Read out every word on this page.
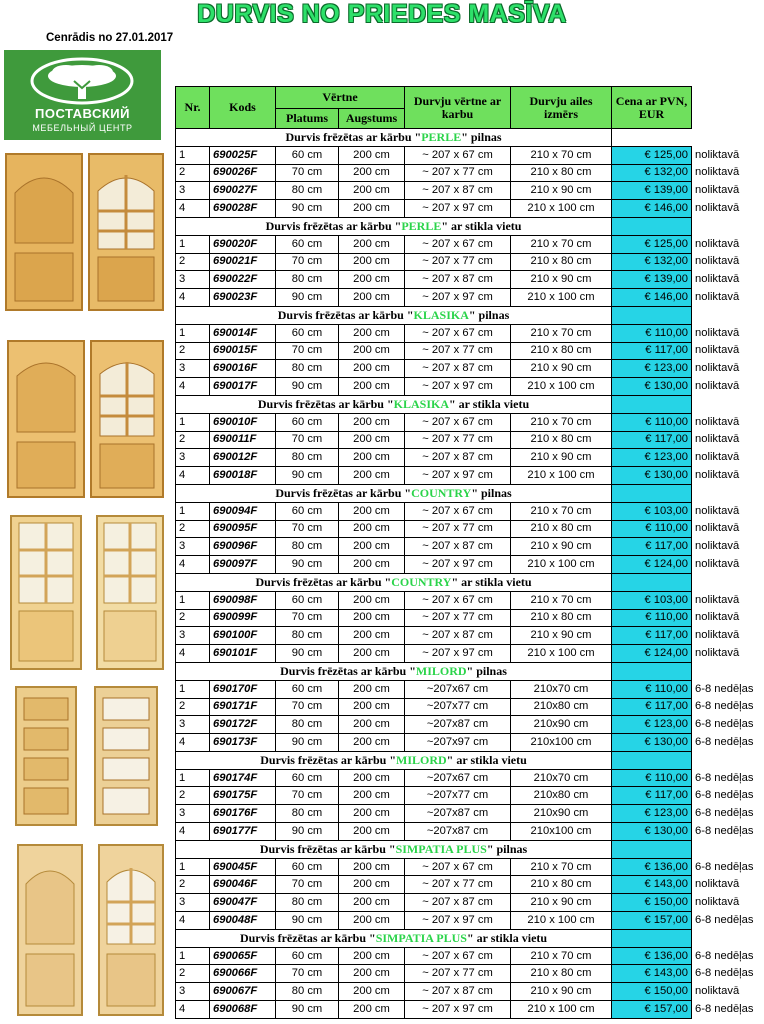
DURVIS NO PRIEDES MASĪVA
Cenrādis no 27.01.2017
ПОСТАВСКИЙ
МЕБЕЛЬНЫЙ ЦЕНТР
Nr.	Kods	Vērtne		Durvju vērtne ar karbu	Durvju ailes izmērs	Cena ar PVN, EUR	
		Platums	Augstums				
Durvis frēzētas ar kārbu "PERLE" pilnas							
1	690025F	60 cm	200 cm	~ 207 x 67 cm	210 x 70 cm	€ 125,00	noliktavā
2	690026F	70 cm	200 cm	~ 207 x 77 cm	210 x 80 cm	€ 132,00	noliktavā
3	690027F	80 cm	200 cm	~ 207 x 87 cm	210 x 90 cm	€ 139,00	noliktavā
4	690028F	90 cm	200 cm	~ 207 x 97 cm	210 x 100 cm	€ 146,00	noliktavā
Durvis frēzētas ar kārbu "PERLE" ar stikla vietu							
1	690020F	60 cm	200 cm	~ 207 x 67 cm	210 x 70 cm	€ 125,00	noliktavā
2	690021F	70 cm	200 cm	~ 207 x 77 cm	210 x 80 cm	€ 132,00	noliktavā
3	690022F	80 cm	200 cm	~ 207 x 87 cm	210 x 90 cm	€ 139,00	noliktavā
4	690023F	90 cm	200 cm	~ 207 x 97 cm	210 x 100 cm	€ 146,00	noliktavā
Durvis frēzētas ar kārbu "KLASIKA" pilnas							
1	690014F	60 cm	200 cm	~ 207 x 67 cm	210 x 70 cm	€ 110,00	noliktavā
2	690015F	70 cm	200 cm	~ 207 x 77 cm	210 x 80 cm	€ 117,00	noliktavā
3	690016F	80 cm	200 cm	~ 207 x 87 cm	210 x 90 cm	€ 123,00	noliktavā
4	690017F	90 cm	200 cm	~ 207 x 97 cm	210 x 100 cm	€ 130,00	noliktavā
Durvis frēzētas ar kārbu "KLASIKA" ar stikla vietu							
1	690010F	60 cm	200 cm	~ 207 x 67 cm	210 x 70 cm	€ 110,00	noliktavā
2	690011F	70 cm	200 cm	~ 207 x 77 cm	210 x 80 cm	€ 117,00	noliktavā
3	690012F	80 cm	200 cm	~ 207 x 87 cm	210 x 90 cm	€ 123,00	noliktavā
4	690018F	90 cm	200 cm	~ 207 x 97 cm	210 x 100 cm	€ 130,00	noliktavā
Durvis frēzētas ar kārbu "COUNTRY" pilnas							
1	690094F	60 cm	200 cm	~ 207 x 67 cm	210 x 70 cm	€ 103,00	noliktavā
2	690095F	70 cm	200 cm	~ 207 x 77 cm	210 x 80 cm	€ 110,00	noliktavā
3	690096F	80 cm	200 cm	~ 207 x 87 cm	210 x 90 cm	€ 117,00	noliktavā
4	690097F	90 cm	200 cm	~ 207 x 97 cm	210 x 100 cm	€ 124,00	noliktavā
Durvis frēzētas ar kārbu "COUNTRY" ar stikla vietu							
1	690098F	60 cm	200 cm	~ 207 x 67 cm	210 x 70 cm	€ 103,00	noliktavā
2	690099F	70 cm	200 cm	~ 207 x 77 cm	210 x 80 cm	€ 110,00	noliktavā
3	690100F	80 cm	200 cm	~ 207 x 87 cm	210 x 90 cm	€ 117,00	noliktavā
4	690101F	90 cm	200 cm	~ 207 x 97 cm	210 x 100 cm	€ 124,00	noliktavā
Durvis frēzētas ar kārbu "MILORD" pilnas							
1	690170F	60 cm	200 cm	~207x67 cm	210x70 cm	€ 110,00	6-8 nedēļas
2	690171F	70 cm	200 cm	~207x77 cm	210x80 cm	€ 117,00	6-8 nedēļas
3	690172F	80 cm	200 cm	~207x87 cm	210x90 cm	€ 123,00	6-8 nedēļas
4	690173F	90 cm	200 cm	~207x97 cm	210x100 cm	€ 130,00	6-8 nedēļas
Durvis frēzētas ar kārbu "MILORD" ar stikla vietu							
1	690174F	60 cm	200 cm	~207x67 cm	210x70 cm	€ 110,00	6-8 nedēļas
2	690175F	70 cm	200 cm	~207x77 cm	210x80 cm	€ 117,00	6-8 nedēļas
3	690176F	80 cm	200 cm	~207x87 cm	210x90 cm	€ 123,00	6-8 nedēļas
4	690177F	90 cm	200 cm	~207x87 cm	210x100 cm	€ 130,00	6-8 nedēļas
Durvis frēzētas ar kārbu "SIMPATIA PLUS" pilnas							
1	690045F	60 cm	200 cm	~ 207 x 67 cm	210 x 70 cm	€ 136,00	6-8 nedēļas
2	690046F	70 cm	200 cm	~ 207 x 77 cm	210 x 80 cm	€ 143,00	noliktavā
3	690047F	80 cm	200 cm	~ 207 x 87 cm	210 x 90 cm	€ 150,00	noliktavā
4	690048F	90 cm	200 cm	~ 207 x 97 cm	210 x 100 cm	€ 157,00	6-8 nedēļas
Durvis frēzētas ar kārbu "SIMPATIA PLUS" ar stikla vietu							
1	690065F	60 cm	200 cm	~ 207 x 67 cm	210 x 70 cm	€ 136,00	6-8 nedēļas
2	690066F	70 cm	200 cm	~ 207 x 77 cm	210 x 80 cm	€ 143,00	6-8 nedēļas
3	690067F	80 cm	200 cm	~ 207 x 87 cm	210 x 90 cm	€ 150,00	noliktavā
4	690068F	90 cm	200 cm	~ 207 x 97 cm	210 x 100 cm	€ 157,00	6-8 nedēļas
